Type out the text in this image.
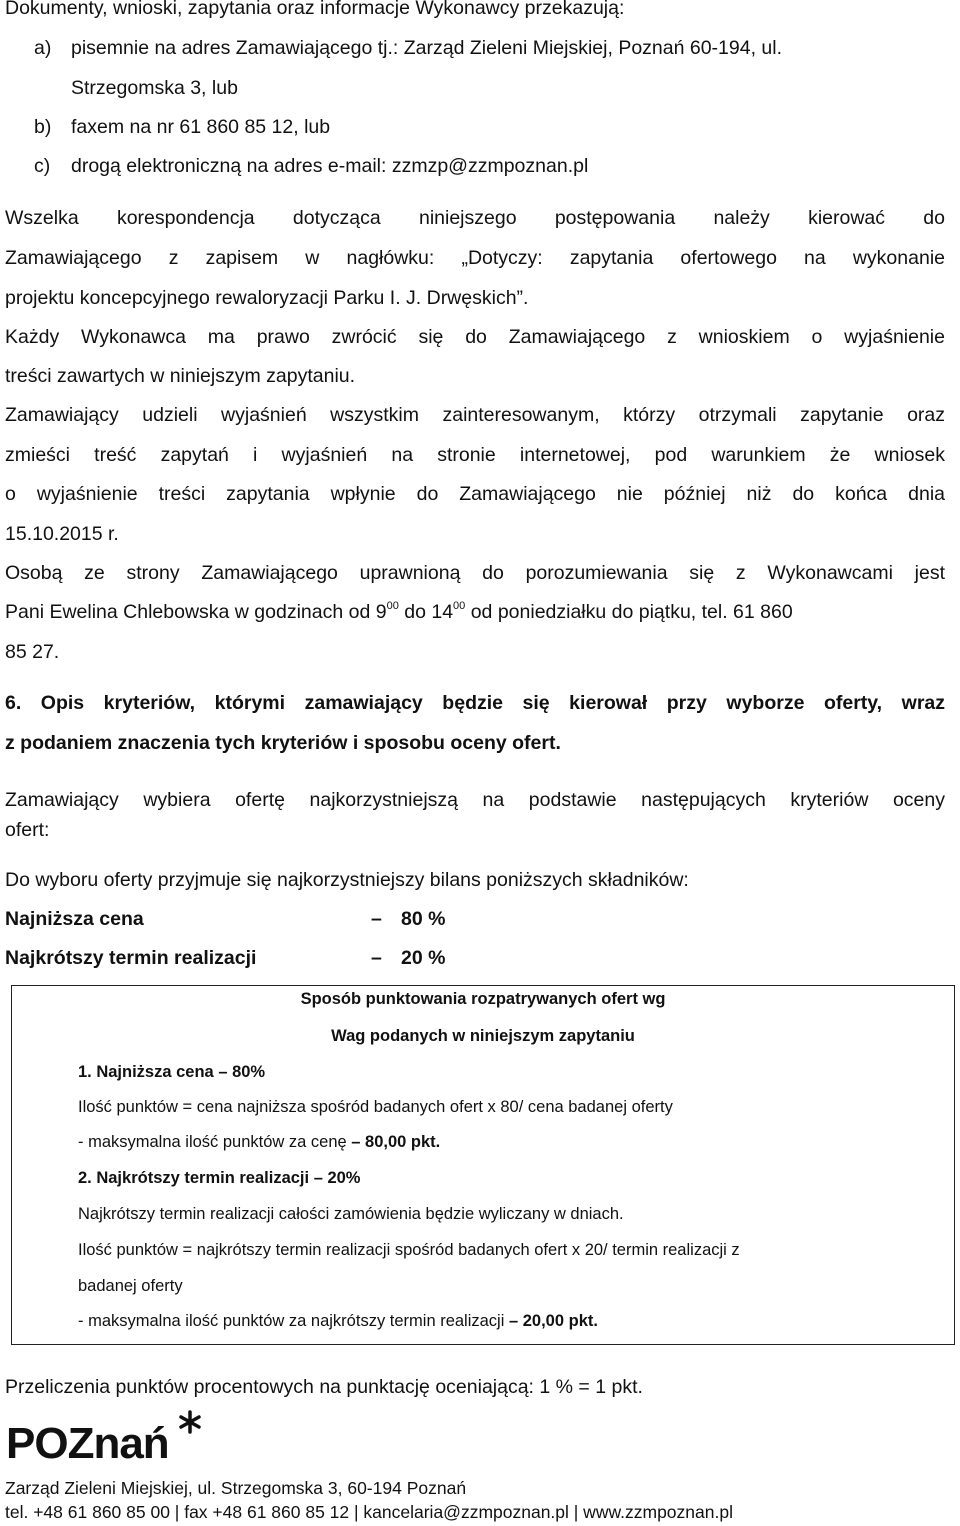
Dokumenty, wnioski, zapytania oraz informacje Wykonawcy przekazują:
a) pisemnie na adres Zamawiającego tj.: Zarząd Zieleni Miejskiej, Poznań 60-194, ul.
Strzegomska 3, lub
b) faxem na nr 61 860 85 12, lub
c) drogą elektroniczną na adres e-mail: zzmzp@zzmpoznan.pl
Wszelka korespondencja dotycząca niniejszego postępowania należy kierować do
Zamawiającego z zapisem w nagłówku: „Dotyczy: zapytania ofertowego na wykonanie
projektu koncepcyjnego rewaloryzacji Parku I. J. Drwęskich”.
Każdy Wykonawca ma prawo zwrócić się do Zamawiającego z wnioskiem o wyjaśnienie
treści zawartych w niniejszym zapytaniu.
Zamawiający udzieli wyjaśnień wszystkim zainteresowanym, którzy otrzymali zapytanie oraz
zmieści treść zapytań i wyjaśnień na stronie internetowej, pod warunkiem że wniosek
o wyjaśnienie treści zapytania wpłynie do Zamawiającego nie później niż do końca dnia
15.10.2015 r.
Osobą ze strony Zamawiającego uprawnioną do porozumiewania się z Wykonawcami jest
Pani Ewelina Chlebowska w godzinach od $9^{00}$ do $14^{00}$ od poniedziałku do piątku, tel. 61 860
85 27.
6. Opis kryteriów, którymi zamawiający będzie się kierował przy wyborze oferty, wraz
z podaniem znaczenia tych kryteriów i sposobu oceny ofert.
Zamawiający wybiera ofertę najkorzystniejszą na podstawie następujących kryteriów oceny
ofert:
Do wyboru oferty przyjmuje się najkorzystniejszy bilans poniższych składników:
Najniższa cena	– 80 %
Najkrótszy termin realizacji	– 20 %
Sposób punktowania rozpatrywanych ofert wg
Wag podanych w niniejszym zapytaniu
1. Najniższa cena – 80%
Ilość punktów = cena najniższa spośród badanych ofert x 80/ cena badanej oferty
- maksymalna ilość punktów za cenę – 80,00 pkt.
2. Najkrótszy termin realizacji – 20%
Najkrótszy termin realizacji całości zamówienia będzie wyliczany w dniach.
Ilość punktów = najkrótszy termin realizacji spośród badanych ofert x 20/ termin realizacji z
badanej oferty
- maksymalna ilość punktów za najkrótszy termin realizacji – 20,00 pkt.
Przeliczenia punktów procentowych na punktację oceniającą: 1 % = 1 pkt.
POZnań
Zarząd Zieleni Miejskiej, ul. Strzegomska 3, 60-194 Poznań
tel. +48 61 860 85 00 | fax +48 61 860 85 12 | kancelaria@zzmpoznan.pl | www.zzmpoznan.pl
